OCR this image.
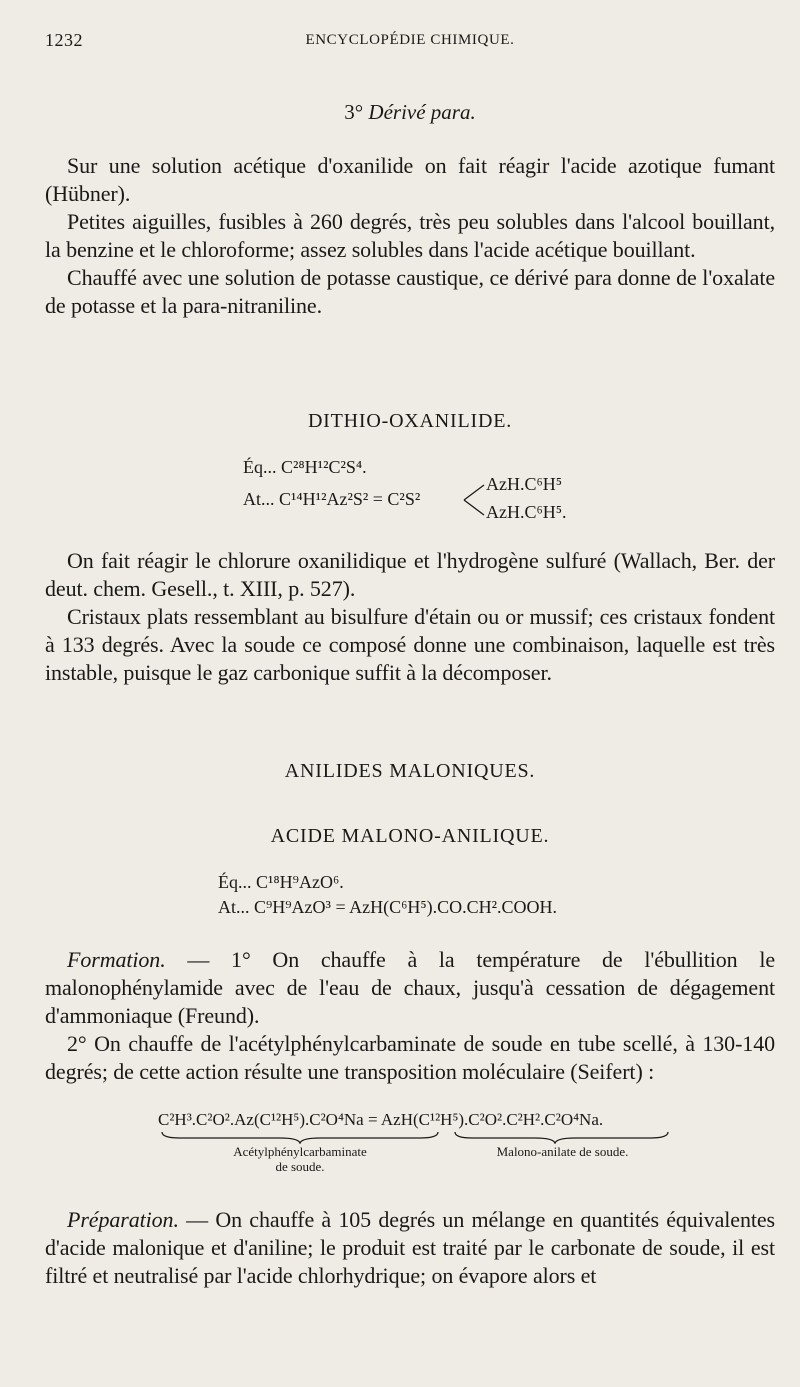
1232	ENCYCLOPÉDIE CHIMIQUE.
3° Dérivé para.

Sur une solution acétique d'oxanilide on fait réagir l'acide azotique fumant (Hübner).

Petites aiguilles, fusibles à 260 degrés, très peu solubles dans l'alcool bouillant, la benzine et le chloroforme; assez solubles dans l'acide acétique bouillant.

Chauffé avec une solution de potasse caustique, ce dérivé para donne de l'oxalate de potasse et la para-nitraniline.

DITHIO-OXANILIDE.
Éq... C²⁸H¹²C²S⁴.
At... C¹⁴H¹²Az²S² = C²S²
AzH.C⁶H⁵
AzH.C⁶H⁵.

On fait réagir le chlorure oxanilidique et l'hydrogène sulfuré (Wallach, Ber. der deut. chem. Gesell., t. XIII, p. 527).

Cristaux plats ressemblant au bisulfure d'étain ou or mussif; ces cristaux fondent à 133 degrés. Avec la soude ce composé donne une combinaison, laquelle est très instable, puisque le gaz carbonique suffit à la décomposer.

ANILIDES MALONIQUES.
ACIDE MALONO-ANILIQUE.
Éq... C¹⁸H⁹AzO⁶.
At... C⁹H⁹AzO³ = AzH(C⁶H⁵).CO.CH².COOH.

Formation. — 1° On chauffe à la température de l'ébullition le malonophénylamide avec de l'eau de chaux, jusqu'à cessation de dégagement d'ammoniaque (Freund).

2° On chauffe de l'acétylphénylcarbaminate de soude en tube scellé, à 130-140 degrés; de cette action résulte une transposition moléculaire (Seifert) :

C²H³.C²O².Az(C¹²H⁵).C²O⁴Na = AzH(C¹²H⁵).C²O².C²H².C²O⁴Na.
Acétylphénylcarbaminate
de soude.
Malono-anilate de soude.

Préparation. — On chauffe à 105 degrés un mélange en quantités équivalentes d'acide malonique et d'aniline; le produit est traité par le carbonate de soude, il est filtré et neutralisé par l'acide chlorhydrique; on évapore alors et
